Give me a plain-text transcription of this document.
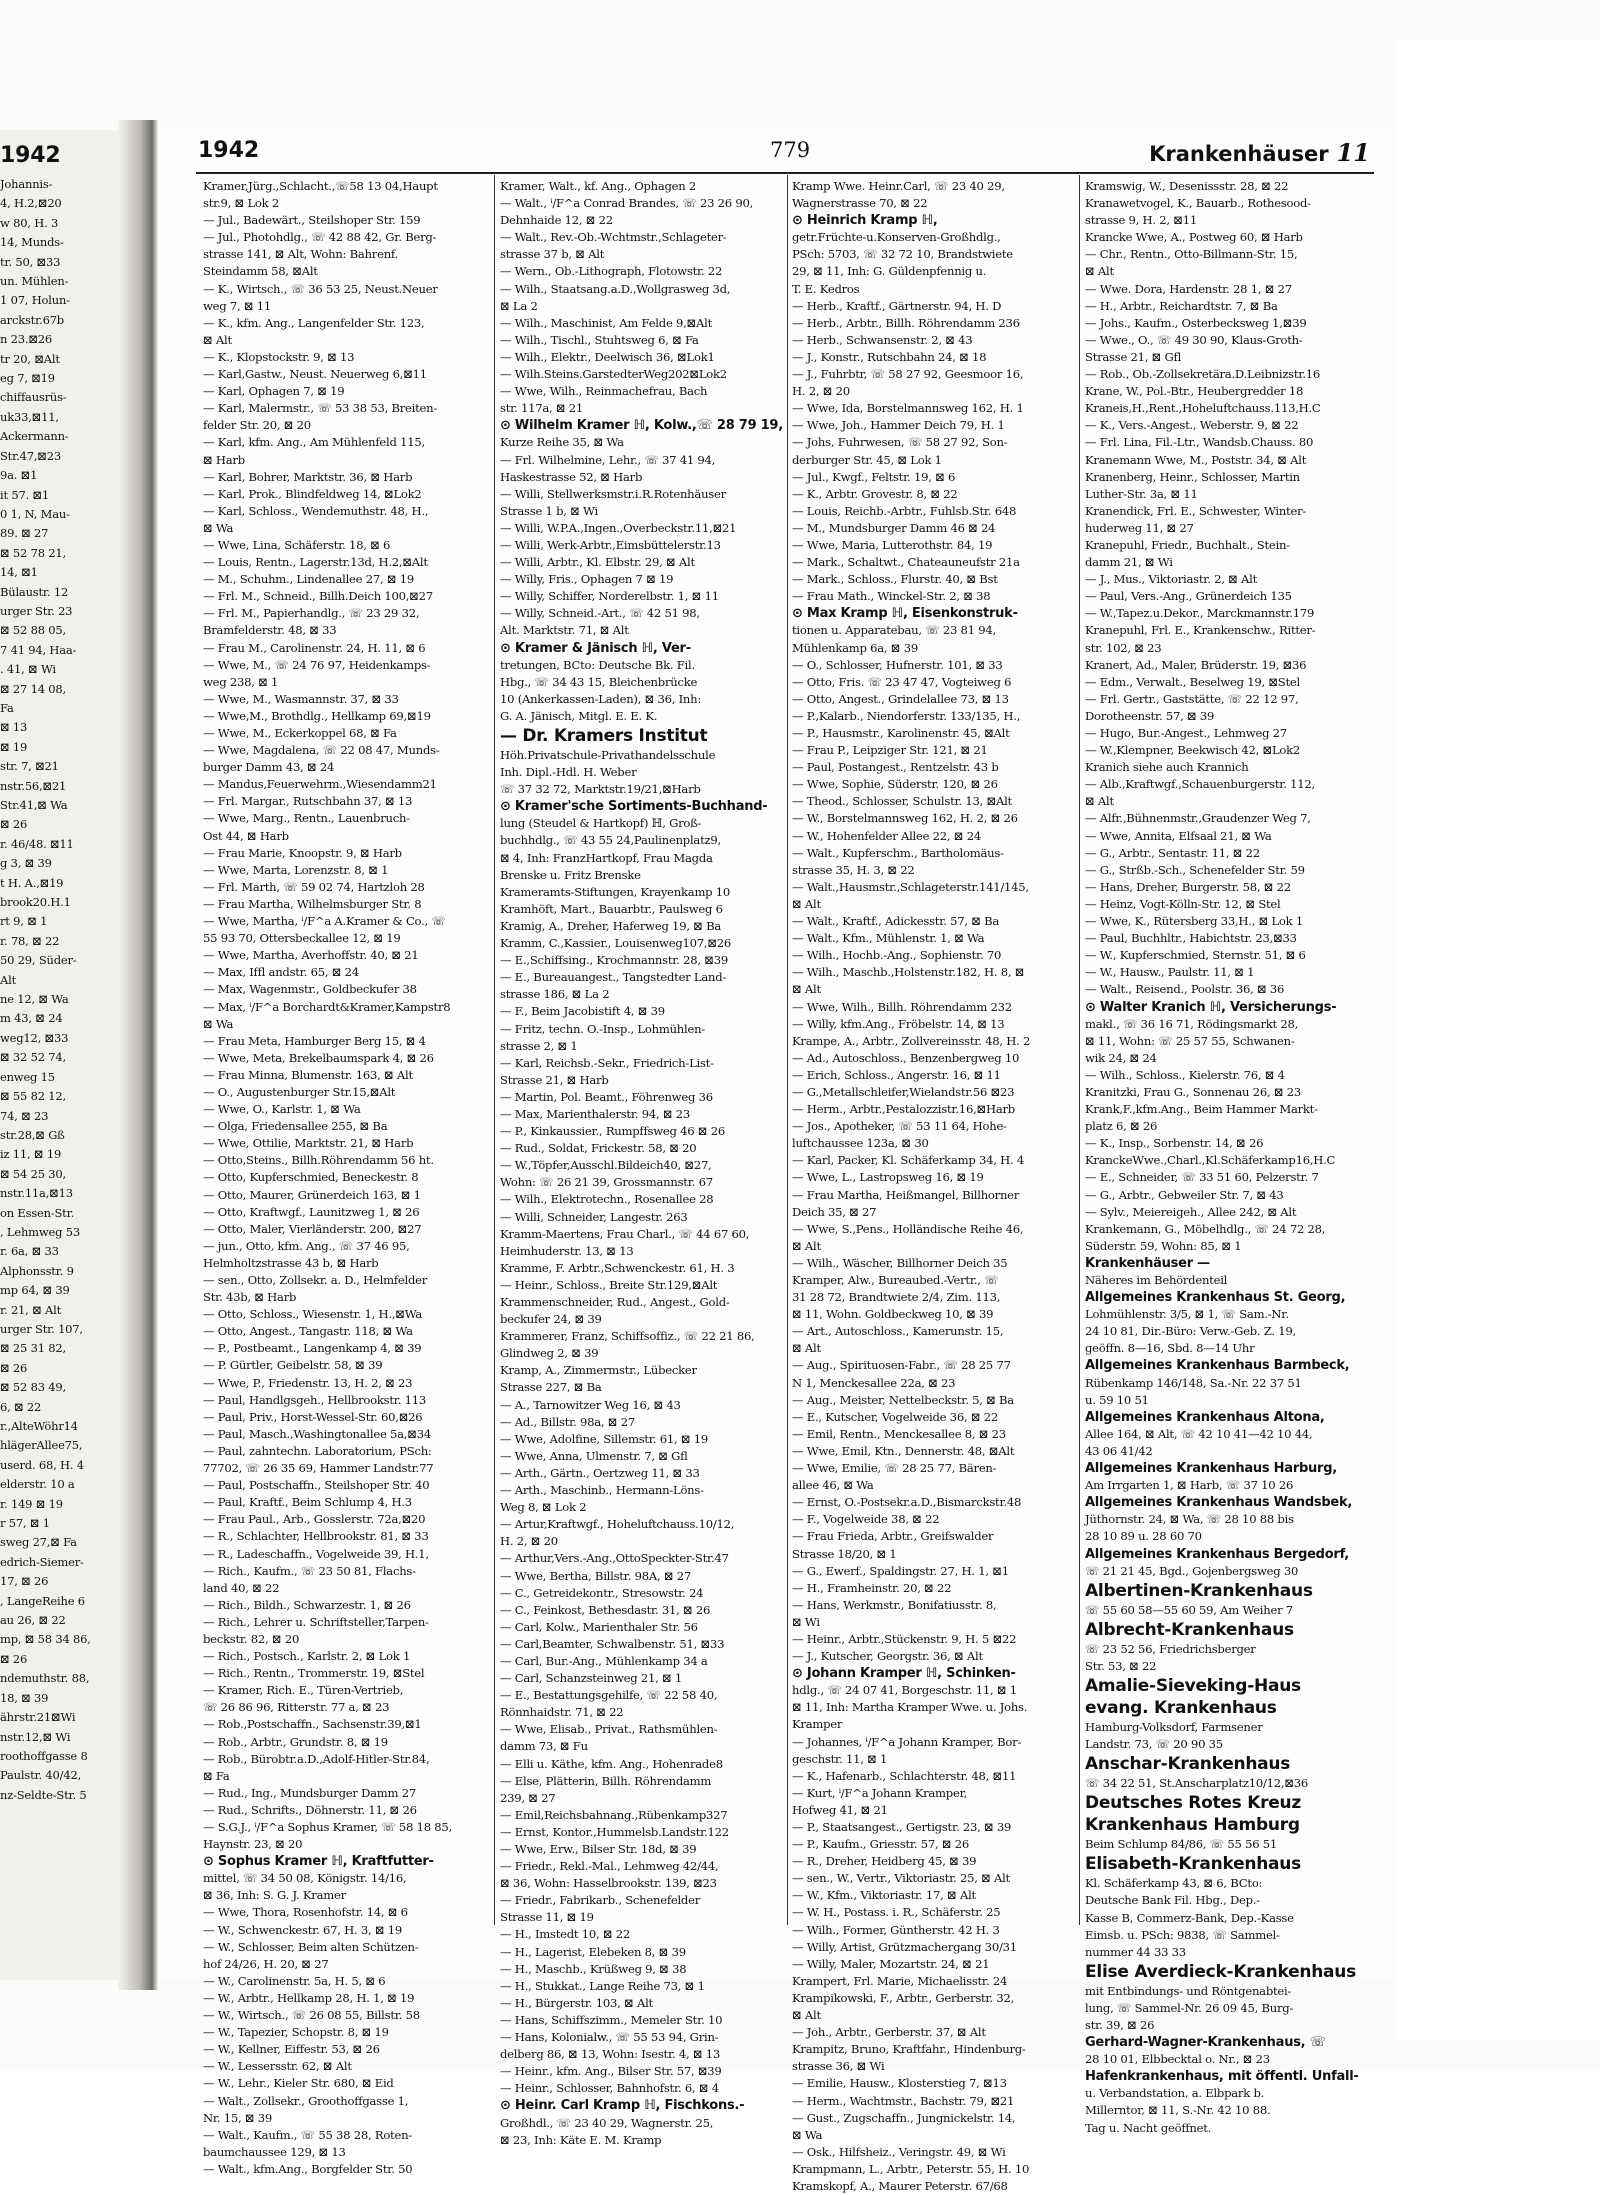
1942
Johannis-
4, H.2,⊠20
w 80, H. 3
14, Munds-
tr. 50, ⊠33
un. Mühlen-
1 07, Holun-
arckstr.67b
n 23.⊠26
tr 20, ⊠Alt
eg 7, ⊠19
chiffausrüs-
uk33,⊠11,
Ackermann-
Str.47,⊠23
9a. ⊠1
it 57. ⊠1
0 1, N, Mau-
89. ⊠ 27
⊠ 52 78 21,
14, ⊠1
Bülaustr. 12
urger Str. 23
⊠ 52 88 05,
7 41 94, Haa-
. 41, ⊠ Wi
⊠ 27 14 08,
Fa
⊠ 13
⊠ 19
str. 7, ⊠21
nstr.56,⊠21
Str.41,⊠ Wa
⊠ 26
r. 46/48. ⊠11
g 3, ⊠ 39
t H. A.,⊠19
brook20.H.1
rt 9, ⊠ 1
r. 78, ⊠ 22
50 29, Süder-
Alt
ne 12, ⊠ Wa
m 43, ⊠ 24
weg12, ⊠33
⊠ 32 52 74,
enweg 15
⊠ 55 82 12,
74, ⊠ 23
str.28,⊠ Gß
iz 11, ⊠ 19
⊠ 54 25 30,
nstr.11a,⊠13
on Essen-Str.
, Lehmweg 53
r. 6a, ⊠ 33
Alphonsstr. 9
mp 64, ⊠ 39
r. 21, ⊠ Alt
urger Str. 107,
⊠ 25 31 82,
⊠ 26
⊠ 52 83 49,
6, ⊠ 22
r.,AlteWöhr14
hlägerAllee75,
userd. 68, H. 4
elderstr. 10 a
r. 149 ⊠ 19
r 57, ⊠ 1
sweg 27,⊠ Fa
edrich-Siemer-
17, ⊠ 26
, LangeReihe 6
au 26, ⊠ 22
mp, ⊠ 58 34 86,
⊠ 26
ndemuthstr. 88,
18, ⊠ 39
ährstr.21⊠Wi
nstr.12,⊠ Wi
roothoffgasse 8
Paulstr. 40/42,
nz-Seldte-Str. 5
1942	779	Krankenhäuser 11
Kramer,Jürg.,Schlacht.,☏58 13 04,Haupt
str.9, ⊠ Lok 2
— Jul., Badewärt., Steilshoper Str. 159
— Jul., Photohdlg., ☏ 42 88 42, Gr. Berg-
strasse 141, ⊠ Alt, Wohn: Bahrenf.
Steindamm 58, ⊠Alt
— K., Wirtsch., ☏ 36 53 25, Neust.Neuer
weg 7, ⊠ 11
— K., kfm. Ang., Langenfelder Str. 123,
⊠ Alt
— K., Klopstockstr. 9, ⊠ 13
— Karl,Gastw., Neust. Neuerweg 6,⊠11
— Karl, Ophagen 7, ⊠ 19
— Karl, Malermstr., ☏ 53 38 53, Breiten-
felder Str. 20, ⊠ 20
— Karl, kfm. Ang., Am Mühlenfeld 115,
⊠ Harb
— Karl, Bohrer, Marktstr. 36, ⊠ Harb
— Karl, Prok., Blindfeldweg 14, ⊠Lok2
— Karl, Schloss., Wendemuthstr. 48, H.,
⊠ Wa
— Wwe, Lina, Schäferstr. 18, ⊠ 6
— Louis, Rentn., Lagerstr.13d, H.2,⊠Alt
— M., Schuhm., Lindenallee 27, ⊠ 19
— Frl. M., Schneid., Billh.Deich 100,⊠27
— Frl. M., Papierhandlg., ☏ 23 29 32,
Bramfelderstr. 48, ⊠ 33
— Frau M., Carolinenstr. 24, H. 11, ⊠ 6
— Wwe, M., ☏ 24 76 97, Heidenkamps-
weg 238, ⊠ 1
— Wwe, M., Wasmannstr. 37, ⊠ 33
— Wwe,M., Brothdlg., Hellkamp 69,⊠19
— Wwe, M., Eckerkoppel 68, ⊠ Fa
— Wwe, Magdalena, ☏ 22 08 47, Munds-
burger Damm 43, ⊠ 24
— Mandus,Feuerwehrm.,Wiesendamm21
— Frl. Margar., Rutschbahn 37, ⊠ 13
— Wwe, Marg., Rentn., Lauenbruch-
Ost 44, ⊠ Harb
— Frau Marie, Knoopstr. 9, ⊠ Harb
— Wwe, Marta, Lorenzstr. 8, ⊠ 1
— Frl. Marth, ☏ 59 02 74, Hartzloh 28
— Frau Martha, Wilhelmsburger Str. 8
— Wwe, Martha, ⁱ/F^a A.Kramer & Co., ☏
55 93 70, Ottersbeckallee 12, ⊠ 19
— Wwe, Martha, Averhoffstr. 40, ⊠ 21
— Max, Iffl andstr. 65, ⊠ 24
— Max, Wagenmstr., Goldbeckufer 38
— Max, ⁱ/F^a Borchardt&Kramer,Kampstr8
⊠ Wa
— Frau Meta, Hamburger Berg 15, ⊠ 4
— Wwe, Meta, Brekelbaumspark 4, ⊠ 26
— Frau Minna, Blumenstr. 163, ⊠ Alt
— O., Augustenburger Str.15,⊠Alt
— Wwe, O., Karlstr. 1, ⊠ Wa
— Olga, Friedensallee 255, ⊠ Ba
— Wwe, Ottilie, Marktstr. 21, ⊠ Harb
— Otto,Steins., Billh.Röhrendamm 56 ht.
— Otto, Kupferschmied, Beneckestr. 8
— Otto, Maurer, Grünerdeich 163, ⊠ 1
— Otto, Kraftwgf., Launitzweg 1, ⊠ 26
— Otto, Maler, Vierländerstr. 200, ⊠27
— jun., Otto, kfm. Ang., ☏ 37 46 95,
Helmholtzstrasse 43 b, ⊠ Harb
— sen., Otto, Zollsekr. a. D., Helmfelder
Str. 43b, ⊠ Harb
— Otto, Schloss., Wiesenstr. 1, H.,⊠Wa
— Otto, Angest., Tangastr. 118, ⊠ Wa
— P., Postbeamt., Langenkamp 4, ⊠ 39
— P. Gürtler, Geibelstr. 58, ⊠ 39
— Wwe, P., Friedenstr. 13, H. 2, ⊠ 23
— Paul, Handlgsgeh., Hellbrookstr. 113
— Paul, Priv., Horst-Wessel-Str. 60,⊠26
— Paul, Masch.,Washingtonallee 5a,⊠34
— Paul, zahntechn. Laboratorium, PSch:
77702, ☏ 26 35 69, Hammer Landstr.77
— Paul, Postschaffn., Steilshoper Str. 40
— Paul, Kraftf., Beim Schlump 4, H.3
— Frau Paul., Arb., Gosslerstr. 72a,⊠20
— R., Schlachter, Hellbrookstr. 81, ⊠ 33
— R., Ladeschaffn., Vogelweide 39, H.1,
— Rich., Kaufm., ☏ 23 50 81, Flachs-
land 40, ⊠ 22
— Rich., Bildh., Schwarzestr. 1, ⊠ 26
— Rich., Lehrer u. Schriftsteller,Tarpen-
beckstr. 82, ⊠ 20
— Rich., Postsch., Karlstr. 2, ⊠ Lok 1
— Rich., Rentn., Trommerstr. 19, ⊠Stel
— Kramer, Rich. E., Türen-Vertrieb,
☏ 26 86 96, Ritterstr. 77 a, ⊠ 23
— Rob.,Postschaffn., Sachsenstr.39,⊠1
— Rob., Arbtr., Grundstr. 8, ⊠ 19
— Rob., Bürobtr.a.D.,Adolf-Hitler-Str.84,
⊠ Fa
— Rud., Ing., Mundsburger Damm 27
— Rud., Schrifts., Döhnerstr. 11, ⊠ 26
— S.G.J., ⁱ/F^a Sophus Kramer, ☏ 58 18 85,
Haynstr. 23, ⊠ 20
⊙ Sophus Kramer ℍ, Kraftfutter-
mittel, ☏ 34 50 08, Königstr. 14/16,
⊠ 36, Inh: S. G. J. Kramer
— Wwe, Thora, Rosenhofstr. 14, ⊠ 6
— W., Schwenckestr. 67, H. 3, ⊠ 19
— W., Schlosser, Beim alten Schützen-
hof 24/26, H. 20, ⊠ 27
— W., Carolinenstr. 5a, H. 5, ⊠ 6
— W., Arbtr., Hellkamp 28, H. 1, ⊠ 19
— W., Wirtsch., ☏ 26 08 55, Billstr. 58
— W., Tapezier, Schopstr. 8, ⊠ 19
— W., Kellner, Eiffestr. 53, ⊠ 26
— W., Lessersstr. 62, ⊠ Alt
— W., Lehr., Kieler Str. 680, ⊠ Eid
— Walt., Zollsekr., Groothoffgasse 1,
Nr. 15, ⊠ 39
— Walt., Kaufm., ☏ 55 38 28, Roten-
baumchaussee 129, ⊠ 13
— Walt., kfm.Ang., Borgfelder Str. 50
Kramer, Walt., kf. Ang., Ophagen 2
— Walt., ⁱ/F^a Conrad Brandes, ☏ 23 26 90,
Dehnhaide 12, ⊠ 22
— Walt., Rev.-Ob.-Wchtmstr.,Schlageter-
strasse 37 b, ⊠ Alt
— Wern., Ob.-Lithograph, Flotowstr. 22
— Wilh., Staatsang.a.D.,Wollgrasweg 3d,
⊠ La 2
— Wilh., Maschinist, Am Felde 9,⊠Alt
— Wilh., Tischl., Stuhtsweg 6, ⊠ Fa
— Wilh., Elektr., Deelwisch 36, ⊠Lok1
— Wilh.Steins.GarstedterWeg202⊠Lok2
— Wwe, Wilh., Reinmachefrau, Bach
str. 117a, ⊠ 21
⊙ Wilhelm Kramer ℍ, Kolw.,☏ 28 79 19,
Kurze Reihe 35, ⊠ Wa
— Frl. Wilhelmine, Lehr., ☏ 37 41 94,
Haskestrasse 52, ⊠ Harb
— Willi, Stellwerksmstr.i.R.Rotenhäuser
Strasse 1 b, ⊠ Wi
— Willi, W.P.A.,Ingen.,Overbeckstr.11,⊠21
— Willi, Werk-Arbtr.,Eimsbüttelerstr.13
— Willi, Arbtr., Kl. Elbstr. 29, ⊠ Alt
— Willy, Fris., Ophagen 7 ⊠ 19
— Willy, Schiffer, Norderelbstr. 1, ⊠ 11
— Willy, Schneid.-Art., ☏ 42 51 98,
Alt. Marktstr. 71, ⊠ Alt
⊙ Kramer & Jänisch ℍ, Ver-
tretungen, BCto: Deutsche Bk. Fil.
Hbg., ☏ 34 43 15, Bleichenbrücke
10 (Ankerkassen-Laden), ⊠ 36, Inh:
G. A. Jänisch, Mitgl. E. E. K.
— Dr. Kramers Institut
Höh.Privatschule-Privathandelsschule
Inh. Dipl.-Hdl. H. Weber
☏ 37 32 72, Marktstr.19/21,⊠Harb
⊙ Kramer'sche Sortiments-Buchhand-
lung (Steudel & Hartkopf) ℍ, Groß-
buchhdlg., ☏ 43 55 24,Paulinenplatz9,
⊠ 4, Inh: FranzHartkopf, Frau Magda
Brenske u. Fritz Brenske
Krameramts-Stiftungen, Krayenkamp 10
Kramhöft, Mart., Bauarbtr., Paulsweg 6
Kramig, A., Dreher, Haferweg 19, ⊠ Ba
Kramm, C.,Kassier., Louisenweg107,⊠26
— E.,Schiffsing., Krochmannstr. 28, ⊠39
— E., Bureauangest., Tangstedter Land-
strasse 186, ⊠ La 2
— F., Beim Jacobistift 4, ⊠ 39
— Fritz, techn. O.-Insp., Lohmühlen-
strasse 2, ⊠ 1
— Karl, Reichsb.-Sekr., Friedrich-List-
Strasse 21, ⊠ Harb
— Martin, Pol. Beamt., Föhrenweg 36
— Max, Marienthalerstr. 94, ⊠ 23
— P., Kinkaussier., Rumpffsweg 46 ⊠ 26
— Rud., Soldat, Frickestr. 58, ⊠ 20
— W.,Töpfer,Ausschl.Bildeich40, ⊠27,
Wohn: ☏ 26 21 39, Grossmannstr. 67
— Wilh., Elektrotechn., Rosenallee 28
— Willi, Schneider, Langestr. 263
Kramm-Maertens, Frau Charl., ☏ 44 67 60,
Heimhuderstr. 13, ⊠ 13
Kramme, F. Arbtr.,Schwenckestr. 61, H. 3
— Heinr., Schloss., Breite Str.129,⊠Alt
Krammenschneider, Rud., Angest., Gold-
beckufer 24, ⊠ 39
Krammerer, Franz, Schiffsoffiz., ☏ 22 21 86,
Glindweg 2, ⊠ 39
Kramp, A., Zimmermstr., Lübecker
Strasse 227, ⊠ Ba
— A., Tarnowitzer Weg 16, ⊠ 43
— Ad., Billstr. 98a, ⊠ 27
— Wwe, Adolfine, Sillemstr. 61, ⊠ 19
— Wwe, Anna, Ulmenstr. 7, ⊠ Gfl
— Arth., Gärtn., Oertzweg 11, ⊠ 33
— Arth., Maschinb., Hermann-Löns-
Weg 8, ⊠ Lok 2
— Artur,Kraftwgf., Hoheluftchauss.10/12,
H. 2, ⊠ 20
— Arthur,Vers.-Ang.,OttoSpeckter-Str.47
— Wwe, Bertha, Billstr. 98A, ⊠ 27
— C., Getreidekontr., Stresowstr. 24
— C., Feinkost, Bethesdastr. 31, ⊠ 26
— Carl, Kolw., Marienthaler Str. 56
— Carl,Beamter, Schwalbenstr. 51, ⊠33
— Carl, Bur.-Ang., Mühlenkamp 34 a
— Carl, Schanzsteinweg 21, ⊠ 1
— E., Bestattungsgehilfe, ☏ 22 58 40,
Rönnhaidstr. 71, ⊠ 22
— Wwe, Elisab., Privat., Rathsmühlen-
damm 73, ⊠ Fu
— Elli u. Käthe, kfm. Ang., Hohenrade8
— Else, Plätterin, Billh. Röhrendamm
239, ⊠ 27
— Emil,Reichsbahnang.,Rübenkamp327
— Ernst, Kontor.,Hummelsb.Landstr.122
— Wwe, Erw., Bilser Str. 18d, ⊠ 39
— Friedr., Rekl.-Mal., Lehmweg 42/44,
⊠ 36, Wohn: Hasselbrookstr. 139, ⊠23
— Friedr., Fabrikarb., Schenefelder
Strasse 11, ⊠ 19
— H., Imstedt 10, ⊠ 22
— H., Lagerist, Elebeken 8, ⊠ 39
— H., Maschb., Krüßweg 9, ⊠ 38
— H., Stukkat., Lange Reihe 73, ⊠ 1
— H., Bürgerstr. 103, ⊠ Alt
— Hans, Schiffszimm., Memeler Str. 10
— Hans, Kolonialw., ☏ 55 53 94, Grin-
delberg 86, ⊠ 13, Wohn: Isestr. 4, ⊠ 13
— Heinr., kfm. Ang., Bilser Str. 57, ⊠39
— Heinr., Schlosser, Bahnhofstr. 6, ⊠ 4
⊙ Heinr. Carl Kramp ℍ, Fischkons.-
Großhdl., ☏ 23 40 29, Wagnerstr. 25,
⊠ 23, Inh: Käte E. M. Kramp
Kramp Wwe. Heinr.Carl, ☏ 23 40 29,
Wagnerstrasse 70, ⊠ 22
⊙ Heinrich Kramp ℍ,
getr.Früchte-u.Konserven-Großhdlg.,
PSch: 5703, ☏ 32 72 10, Brandstwiete
29, ⊠ 11, Inh: G. Güldenpfennig u.
T. E. Kedros
— Herb., Kraftf., Gärtnerstr. 94, H. D
— Herb., Arbtr., Billh. Röhrendamm 236
— Herb., Schwansenstr. 2, ⊠ 43
— J., Konstr., Rutschbahn 24, ⊠ 18
— J., Fuhrbtr, ☏ 58 27 92, Geesmoor 16,
H. 2, ⊠ 20
— Wwe, Ida, Borstelmannsweg 162, H. 1
— Wwe, Joh., Hammer Deich 79, H. 1
— Johs, Fuhrwesen, ☏ 58 27 92, Son-
derburger Str. 45, ⊠ Lok 1
— Jul., Kwgf., Feltstr. 19, ⊠ 6
— K., Arbtr. Grovestr. 8, ⊠ 22
— Louis, Reichb.-Arbtr., Fuhlsb.Str. 648
— M., Mundsburger Damm 46 ⊠ 24
— Wwe, Maria, Lutterothstr. 84, 19
— Mark., Schaltwt., Chateauneufstr 21a
— Mark., Schloss., Flurstr. 40, ⊠ Bst
— Frau Math., Winckel-Str. 2, ⊠ 38
⊙ Max Kramp ℍ, Eisenkonstruk-
tionen u. Apparatebau, ☏ 23 81 94,
Mühlenkamp 6a, ⊠ 39
— O., Schlosser, Hufnerstr. 101, ⊠ 33
— Otto, Fris. ☏ 23 47 47, Vogteiweg 6
— Otto, Angest., Grindelallee 73, ⊠ 13
— P.,Kalarb., Niendorferstr. 133/135, H.,
— P., Hausmstr., Karolinenstr. 45, ⊠Alt
— Frau P., Leipziger Str. 121, ⊠ 21
— Paul, Postangest., Rentzelstr. 43 b
— Wwe, Sophie, Süderstr. 120, ⊠ 26
— Theod., Schlosser, Schulstr. 13, ⊠Alt
— W., Borstelmannsweg 162, H. 2, ⊠ 26
— W., Hohenfelder Allee 22, ⊠ 24
— Walt., Kupferschm., Bartholomäus-
strasse 35, H. 3, ⊠ 22
— Walt.,Hausmstr.,Schlageterstr.141/145,
⊠ Alt
— Walt., Kraftf., Adickesstr. 57, ⊠ Ba
— Walt., Kfm., Mühlenstr. 1, ⊠ Wa
— Wilh., Hochb.-Ang., Sophienstr. 70
— Wilh., Maschb.,Holstenstr.182, H. 8, ⊠
⊠ Alt
— Wwe, Wilh., Billh. Röhrendamm 232
— Willy, kfm.Ang., Fröbelstr. 14, ⊠ 13
Krampe, A., Arbtr., Zollvereinsstr. 48, H. 2
— Ad., Autoschloss., Benzenbergweg 10
— Erich, Schloss., Angerstr. 16, ⊠ 11
— G.,Metallschleifer,Wielandstr.56 ⊠23
— Herm., Arbtr.,Pestalozzistr.16,⊠Harb
— Jos., Apotheker, ☏ 53 11 64, Hohe-
luftchaussee 123a, ⊠ 30
— Karl, Packer, Kl. Schäferkamp 34, H. 4
— Wwe, L., Lastropsweg 16, ⊠ 19
— Frau Martha, Heißmangel, Billhorner
Deich 35, ⊠ 27
— Wwe, S.,Pens., Holländische Reihe 46,
⊠ Alt
— Wilh., Wäscher, Billhorner Deich 35
Kramper, Alw., Bureaubed.-Vertr., ☏
31 28 72, Brandtwiete 2/4, Zim. 113,
⊠ 11, Wohn. Goldbeckweg 10, ⊠ 39
— Art., Autoschloss., Kamerunstr. 15,
⊠ Alt
— Aug., Spirituosen-Fabr., ☏ 28 25 77
N 1, Menckesallee 22a, ⊠ 23
— Aug., Meister, Nettelbeckstr. 5, ⊠ Ba
— E., Kutscher, Vogelweide 36, ⊠ 22
— Emil, Rentn., Menckesallee 8, ⊠ 23
— Wwe, Emil, Ktn., Dennerstr. 48, ⊠Alt
— Wwe, Emilie, ☏ 28 25 77, Bären-
allee 46, ⊠ Wa
— Ernst, O.-Postsekr.a.D.,Bismarckstr.48
— F., Vogelweide 38, ⊠ 22
— Frau Frieda, Arbtr., Greifswalder
Strasse 18/20, ⊠ 1
— G., Ewerf., Spaldingstr. 27, H. 1, ⊠1
— H., Framheinstr. 20, ⊠ 22
— Hans, Werkmstr., Bonifatiusstr. 8,
⊠ Wi
— Heinr., Arbtr.,Stückenstr. 9, H. 5 ⊠22
— J., Kutscher, Georgstr. 36, ⊠ Alt
⊙ Johann Kramper ℍ, Schinken-
hdlg., ☏ 24 07 41, Borgeschstr. 11, ⊠ 1
⊠ 11, Inh: Martha Kramper Wwe. u. Johs.
Kramper
— Johannes, ⁱ/F^a Johann Kramper, Bor-
geschstr. 11, ⊠ 1
— K., Hafenarb., Schlachterstr. 48, ⊠11
— Kurt, ⁱ/F^a Johann Kramper,
Hofweg 41, ⊠ 21
— P., Staatsangest., Gertigstr. 23, ⊠ 39
— P., Kaufm., Griesstr. 57, ⊠ 26
— R., Dreher, Heidberg 45, ⊠ 39
— sen., W., Vertr., Viktoriastr. 25, ⊠ Alt
— W., Kfm., Viktoriastr. 17, ⊠ Alt
— W. H., Postass. i. R., Schäferstr. 25
— Wilh., Former, Güntherstr. 42 H. 3
— Willy, Artist, Grützmachergang 30/31
— Willy, Maler, Mozartstr. 24, ⊠ 21
Krampert, Frl. Marie, Michaelisstr. 24
Krampikowski, F., Arbtr., Gerberstr. 32,
⊠ Alt
— Joh., Arbtr., Gerberstr. 37, ⊠ Alt
Krampitz, Bruno, Kraftfahr., Hindenburg-
strasse 36, ⊠ Wi
— Emilie, Hausw., Klosterstieg 7, ⊠13
— Herm., Wachtmstr., Bachstr. 79, ⊠21
— Gust., Zugschaffn., Jungnickelstr. 14,
⊠ Wa
— Osk., Hilfsheiz., Veringstr. 49, ⊠ Wi
Krampmann, L., Arbtr., Peterstr. 55, H. 10
Kramskopf, A., Maurer Peterstr. 67/68
Kramswig, W., Desenissstr. 28, ⊠ 22
Kranawetvogel, K., Bauarb., Rothesood-
strasse 9, H. 2, ⊠11
Krancke Wwe, A., Postweg 60, ⊠ Harb
— Chr., Rentn., Otto-Billmann-Str. 15,
⊠ Alt
— Wwe. Dora, Hardenstr. 28 1, ⊠ 27
— H., Arbtr., Reichardtstr. 7, ⊠ Ba
— Johs., Kaufm., Osterbecksweg 1,⊠39
— Wwe., O., ☏ 49 30 90, Klaus-Groth-
Strasse 21, ⊠ Gfl
— Rob., Ob.-Zollsekretära.D.Leibnizstr.16
Krane, W., Pol.-Btr., Heubergredder 18
Kraneis,H.,Rent.,Hoheluftchauss.113,H.C
— K., Vers.-Angest., Weberstr. 9, ⊠ 22
— Frl. Lina, Fil.-Ltr., Wandsb.Chauss. 80
Kranemann Wwe, M., Poststr. 34, ⊠ Alt
Kranenberg, Heinr., Schlosser, Martin
Luther-Str. 3a, ⊠ 11
Kranendick, Frl. E., Schwester, Winter-
huderweg 11, ⊠ 27
Kranepuhl, Friedr., Buchhalt., Stein-
damm 21, ⊠ Wi
— J., Mus., Viktoriastr. 2, ⊠ Alt
— Paul, Vers.-Ang., Grünerdeich 135
— W.,Tapez.u.Dekor., Marckmannstr.179
Kranepuhl, Frl. E., Krankenschw., Ritter-
str. 102, ⊠ 23
Kranert, Ad., Maler, Brüderstr. 19, ⊠36
— Edm., Verwalt., Beselweg 19, ⊠Stel
— Frl. Gertr., Gaststätte, ☏ 22 12 97,
Dorotheenstr. 57, ⊠ 39
— Hugo, Bur.-Angest., Lehmweg 27
— W.,Klempner, Beekwisch 42, ⊠Lok2
Kranich siehe auch Krannich
— Alb.,Kraftwgf.,Schauenburgerstr. 112,
⊠ Alt
— Alfr.,Bühnenmstr.,Graudenzer Weg 7,
— Wwe, Annita, Elfsaal 21, ⊠ Wa
— G., Arbtr., Sentastr. 11, ⊠ 22
— G., Strßb.-Sch., Schenefelder Str. 59
— Hans, Dreher, Burgerstr. 58, ⊠ 22
— Heinz, Vogt-Kölln-Str. 12, ⊠ Stel
— Wwe, K., Rütersberg 33,H., ⊠ Lok 1
— Paul, Buchhltr., Habichtstr. 23,⊠33
— W., Kupferschmied, Sternstr. 51, ⊠ 6
— W., Hausw., Paulstr. 11, ⊠ 1
— Walt., Reisend., Poolstr. 36, ⊠ 36
⊙ Walter Kranich ℍ, Versicherungs-
makl., ☏ 36 16 71, Rödingsmarkt 28,
⊠ 11, Wohn: ☏ 25 57 55, Schwanen-
wik 24, ⊠ 24
— Wilh., Schloss., Kielerstr. 76, ⊠ 4
Kranitzki, Frau G., Sonnenau 26, ⊠ 23
Krank,F.,kfm.Ang., Beim Hammer Markt-
platz 6, ⊠ 26
— K., Insp., Sorbenstr. 14, ⊠ 26
KranckeWwe.,Charl.,Kl.Schäferkamp16,H.C
— E., Schneider, ☏ 33 51 60, Pelzerstr. 7
— G., Arbtr., Gebweiler Str. 7, ⊠ 43
— Sylv., Meiereigeh., Allee 242, ⊠ Alt
Krankemann, G., Möbelhdlg., ☏ 24 72 28,
Süderstr. 59, Wohn: 85, ⊠ 1
Krankenhäuser —
Näheres im Behördenteil
Allgemeines Krankenhaus St. Georg,
Lohmühlenstr. 3/5, ⊠ 1, ☏ Sam.-Nr.
24 10 81, Dir.-Büro: Verw.-Geb. Z. 19,
geöffn. 8—16, Sbd. 8—14 Uhr
Allgemeines Krankenhaus Barmbeck,
Rübenkamp 146/148, Sa.-Nr. 22 37 51
u. 59 10 51
Allgemeines Krankenhaus Altona,
Allee 164, ⊠ Alt, ☏ 42 10 41—42 10 44,
43 06 41/42
Allgemeines Krankenhaus Harburg,
Am Irrgarten 1, ⊠ Harb, ☏ 37 10 26
Allgemeines Krankenhaus Wandsbek,
Jüthornstr. 24, ⊠ Wa, ☏ 28 10 88 bis
28 10 89 u. 28 60 70
Allgemeines Krankenhaus Bergedorf,
☏ 21 21 45, Bgd., Gojenbergsweg 30
Albertinen-Krankenhaus
☏ 55 60 58—55 60 59, Am Weiher 7
Albrecht-Krankenhaus
☏ 23 52 56, Friedrichsberger
Str. 53, ⊠ 22
Amalie-Sieveking-Haus
evang. Krankenhaus
Hamburg-Volksdorf, Farmsener
Landstr. 73, ☏ 20 90 35
Anschar-Krankenhaus
☏ 34 22 51, St.Anscharplatz10/12,⊠36
Deutsches Rotes Kreuz
Krankenhaus Hamburg
Beim Schlump 84/86, ☏ 55 56 51
Elisabeth-Krankenhaus
Kl. Schäferkamp 43, ⊠ 6, BCto:
Deutsche Bank Fil. Hbg., Dep.-
Kasse B, Commerz-Bank, Dep.-Kasse
Eimsb. u. PSch: 9838, ☏ Sammel-
nummer 44 33 33
Elise Averdieck-Krankenhaus
mit Entbindungs- und Röntgenabtei-
lung, ☏ Sammel-Nr. 26 09 45, Burg-
str. 39, ⊠ 26
Gerhard-Wagner-Krankenhaus, ☏
28 10 01, Elbbecktal o. Nr., ⊠ 23
Hafenkrankenhaus, mit öffentl. Unfall-
u. Verbandstation, a. Elbpark b.
Millerntor, ⊠ 11, S.-Nr. 42 10 88.
Tag u. Nacht geöffnet.
